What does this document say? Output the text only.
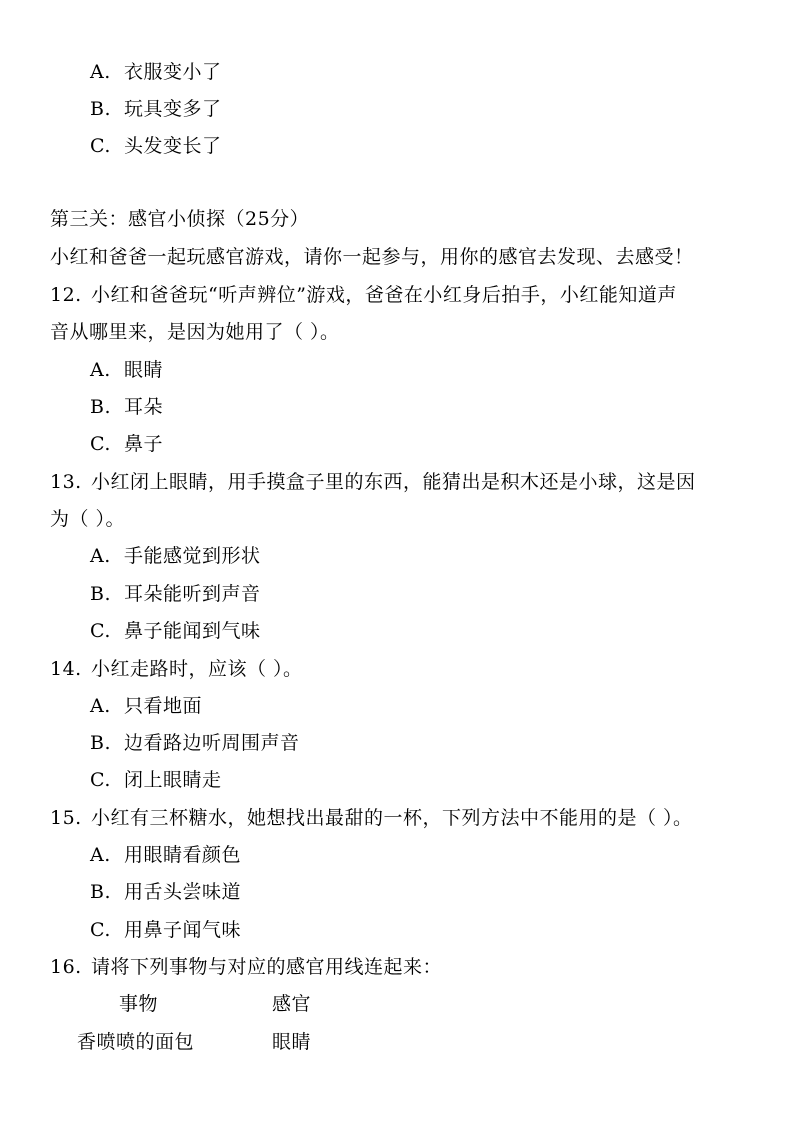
A. 衣服变小了
B. 玩具变多了
C. 头发变长了
第三关：感官小侦探（25分）
小红和爸爸一起玩感官游戏，请你一起参与，用你的感官去发现、去感受！
12. 小红和爸爸玩“听声辨位”游戏，爸爸在小红身后拍手，小红能知道声
音从哪里来，是因为她用了（ ）。
A. 眼睛
B. 耳朵
C. 鼻子
13. 小红闭上眼睛，用手摸盒子里的东西，能猜出是积木还是小球，这是因
为（ ）。
A. 手能感觉到形状
B. 耳朵能听到声音
C. 鼻子能闻到气味
14. 小红走路时，应该（ ）。
A. 只看地面
B. 边看路边听周围声音
C. 闭上眼睛走
15. 小红有三杯糖水，她想找出最甜的一杯，下列方法中不能用的是（ ）。
A. 用眼睛看颜色
B. 用舌头尝味道
C. 用鼻子闻气味
16. 请将下列事物与对应的感官用线连起来：
事物	感官
香喷喷的面包	眼睛
